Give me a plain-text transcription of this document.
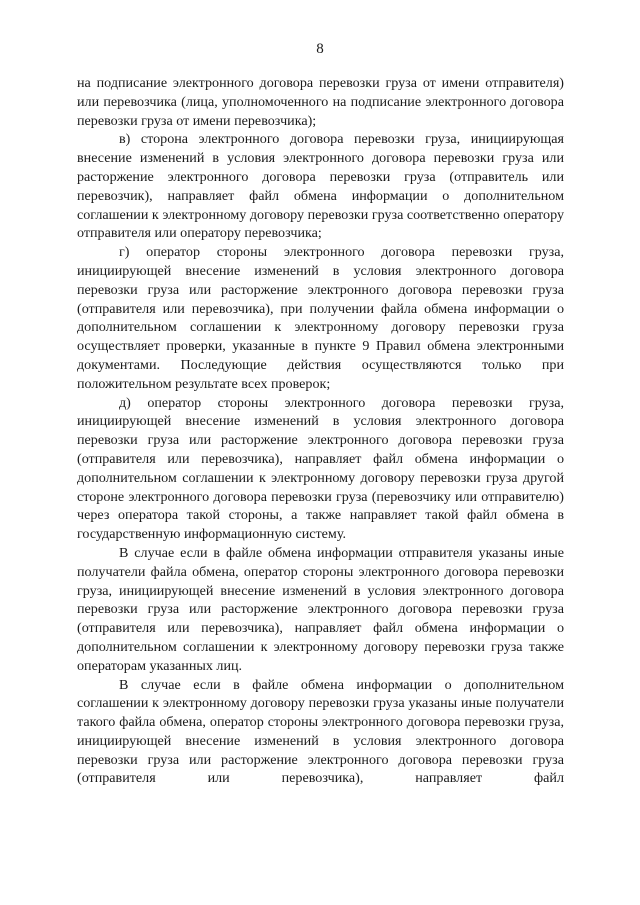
8

на подписание электронного договора перевозки груза от имени отправителя) или перевозчика (лица, уполномоченного на подписание электронного договора перевозки груза от имени перевозчика);

в) сторона электронного договора перевозки груза, инициирующая внесение изменений в условия электронного договора перевозки груза или расторжение электронного договора перевозки груза (отправитель или перевозчик), направляет файл обмена информации о дополнительном соглашении к электронному договору перевозки груза соответственно оператору отправителя или оператору перевозчика;

г) оператор стороны электронного договора перевозки груза, инициирующей внесение изменений в условия электронного договора перевозки груза или расторжение электронного договора перевозки груза (отправителя или перевозчика), при получении файла обмена информации о дополнительном соглашении к электронному договору перевозки груза осуществляет проверки, указанные в пункте 9 Правил обмена электронными документами. Последующие действия осуществляются только при положительном результате всех проверок;

д) оператор стороны электронного договора перевозки груза, инициирующей внесение изменений в условия электронного договора перевозки груза или расторжение электронного договора перевозки груза (отправителя или перевозчика), направляет файл обмена информации о дополнительном соглашении к электронному договору перевозки груза другой стороне электронного договора перевозки груза (перевозчику или отправителю) через оператора такой стороны, а также направляет такой файл обмена в государственную информационную систему.

В случае если в файле обмена информации отправителя указаны иные получатели файла обмена, оператор стороны электронного договора перевозки груза, инициирующей внесение изменений в условия электронного договора перевозки груза или расторжение электронного договора перевозки груза (отправителя или перевозчика), направляет файл обмена информации о дополнительном соглашении к электронному договору перевозки груза также операторам указанных лиц.

В случае если в файле обмена информации о дополнительном соглашении к электронному договору перевозки груза указаны иные получатели такого файла обмена, оператор стороны электронного договора перевозки груза, инициирующей внесение изменений в условия электронного договора перевозки груза или расторжение электронного договора перевозки груза (отправителя или перевозчика), направляет файл
